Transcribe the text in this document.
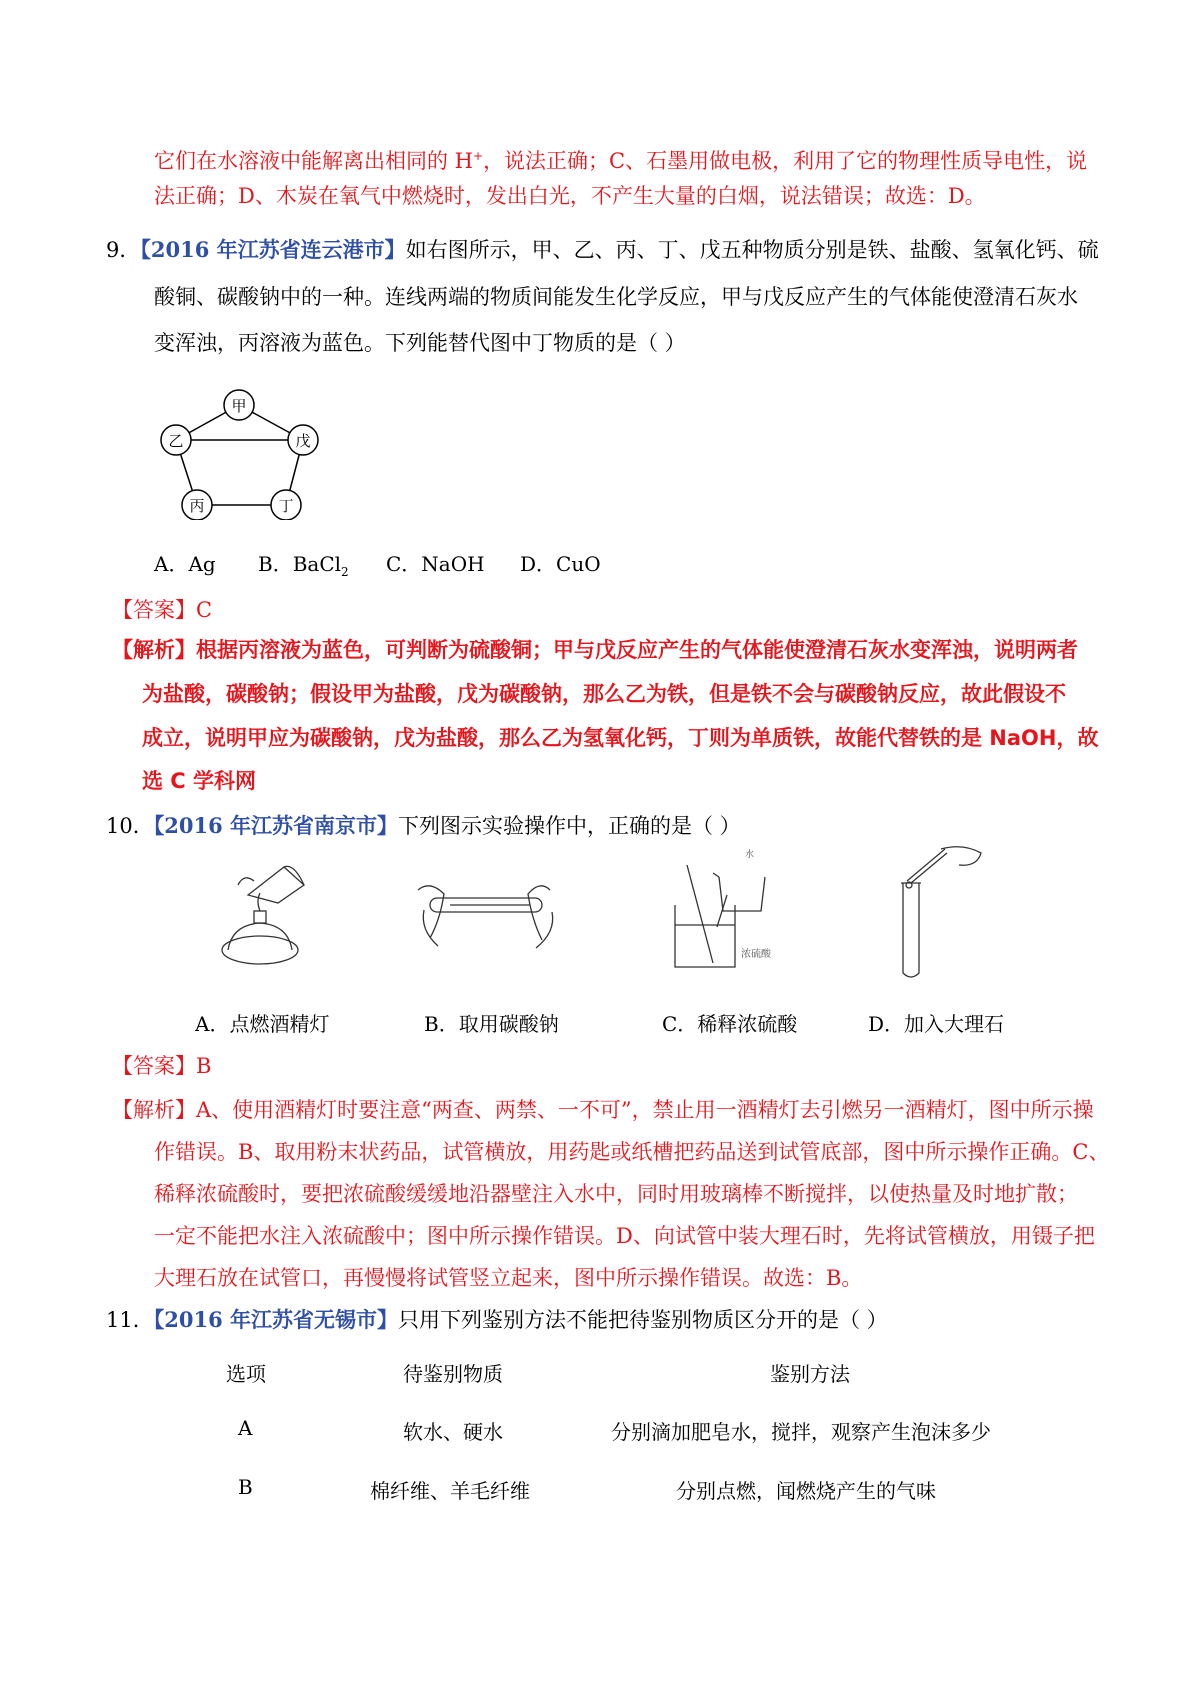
它们在水溶液中能解离出相同的 H+，说法正确；C、石墨用做电极，利用了它的物理性质导电性，说
法正确；D、木炭在氧气中燃烧时，发出白光，不产生大量的白烟，说法错误；故选：D。
9．【2016 年江苏省连云港市】如右图所示，甲、乙、丙、丁、戊五种物质分别是铁、盐酸、氢氧化钙、硫
酸铜、碳酸钠中的一种。连线两端的物质间能发生化学反应，甲与戊反应产生的气体能使澄清石灰水
变浑浊，丙溶液为蓝色。下列能替代图中丁物质的是（ ）
甲
乙	戊
丙	丁
A．Ag B．BaCl$_2$ C．NaOH D．CuO
【答案】C
【解析】根据丙溶液为蓝色，可判断为硫酸铜；甲与戊反应产生的气体能使澄清石灰水变浑浊，说明两者
为盐酸，碳酸钠；假设甲为盐酸，戊为碳酸钠，那么乙为铁，但是铁不会与碳酸钠反应，故此假设不
成立，说明甲应为碳酸钠，戊为盐酸，那么乙为氢氧化钙，丁则为单质铁，故能代替铁的是 NaOH，故
选 C 学科网
10．【2016 年江苏省南京市】下列图示实验操作中，正确的是（ ）
水
浓硫酸
A．点燃酒精灯	B．取用碳酸钠	C．稀释浓硫酸	D．加入大理石
【答案】B
【解析】A、使用酒精灯时要注意“两查、两禁、一不可”，禁止用一酒精灯去引燃另一酒精灯，图中所示操
作错误。B、取用粉末状药品，试管横放，用药匙或纸槽把药品送到试管底部，图中所示操作正确。C、
稀释浓硫酸时，要把浓硫酸缓缓地沿器壁注入水中，同时用玻璃棒不断搅拌，以使热量及时地扩散；
一定不能把水注入浓硫酸中；图中所示操作错误。D、向试管中装大理石时，先将试管横放，用镊子把
大理石放在试管口，再慢慢将试管竖立起来，图中所示操作错误。故选：B。
11．【2016 年江苏省无锡市】只用下列鉴别方法不能把待鉴别物质区分开的是（ ）
选项	待鉴别物质	鉴别方法
A	软水、硬水	分别滴加肥皂水，搅拌，观察产生泡沫多少
B	棉纤维、羊毛纤维	分别点燃，闻燃烧产生的气味
